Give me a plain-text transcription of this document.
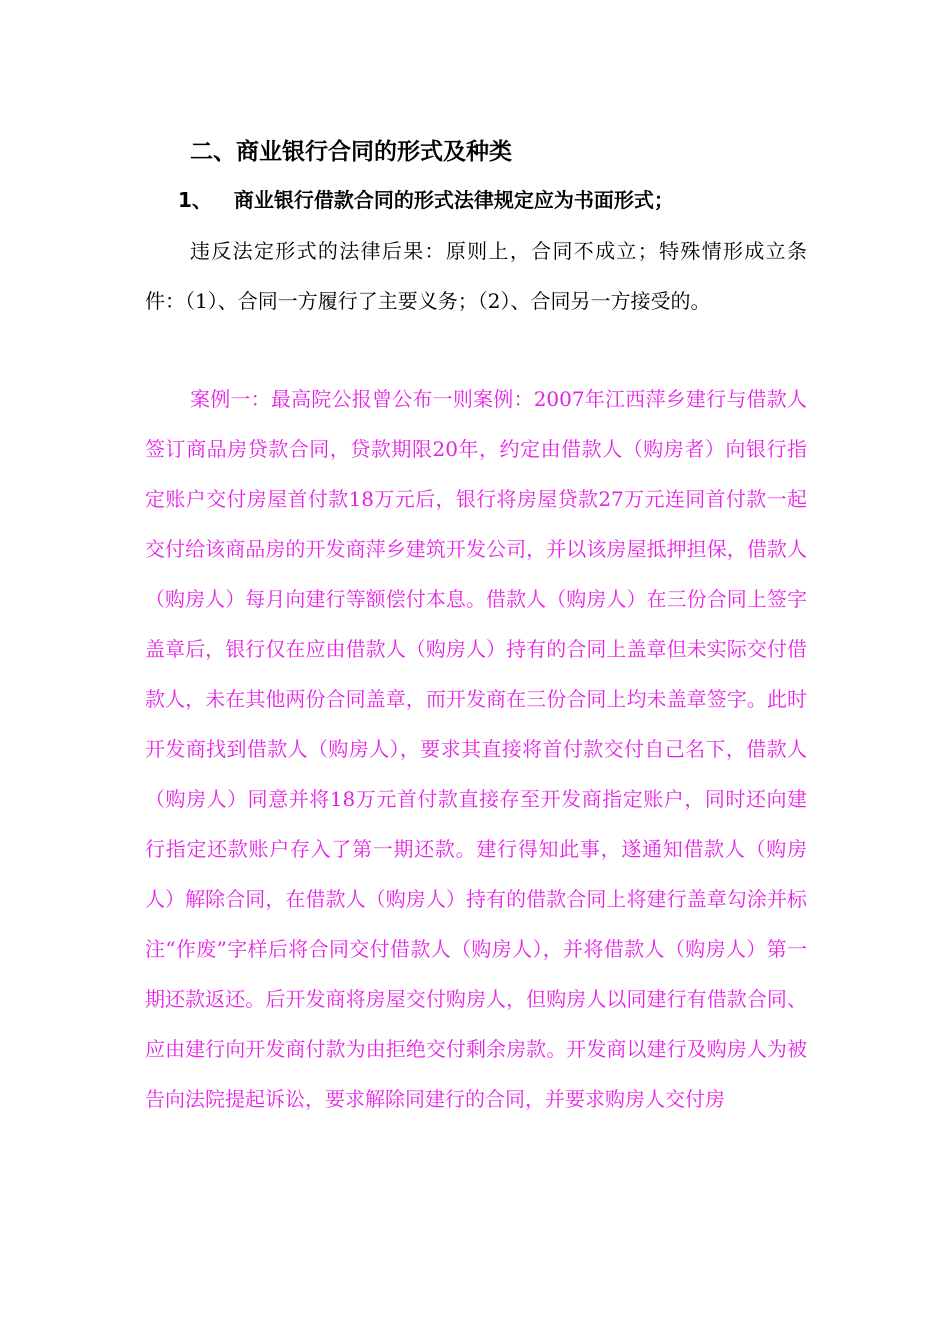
二、商业银行合同的形式及种类
1、 商业银行借款合同的形式法律规定应为书面形式；

违反法定形式的法律后果：原则上，合同不成立；特殊情形成立条件：（1）、合同一方履行了主要义务；（2）、合同另一方接受的。

案例一：最高院公报曾公布一则案例：2007年江西萍乡建行与借款人签订商品房贷款合同，贷款期限20年，约定由借款人（购房者）向银行指定账户交付房屋首付款18万元后，银行将房屋贷款27万元连同首付款一起交付给该商品房的开发商萍乡建筑开发公司，并以该房屋抵押担保，借款人（购房人）每月向建行等额偿付本息。借款人（购房人）在三份合同上签字盖章后，银行仅在应由借款人（购房人）持有的合同上盖章但未实际交付借款人，未在其他两份合同盖章，而开发商在三份合同上均未盖章签字。此时开发商找到借款人（购房人），要求其直接将首付款交付自己名下，借款人（购房人）同意并将18万元首付款直接存至开发商指定账户，同时还向建行指定还款账户存入了第一期还款。建行得知此事，遂通知借款人（购房人）解除合同，在借款人（购房人）持有的借款合同上将建行盖章勾涂并标注“作废”字样后将合同交付借款人（购房人），并将借款人（购房人）第一期还款返还。后开发商将房屋交付购房人，但购房人以同建行有借款合同、应由建行向开发商付款为由拒绝交付剩余房款。开发商以建行及购房人为被告向法院提起诉讼，要求解除同建行的合同，并要求购房人交付房
